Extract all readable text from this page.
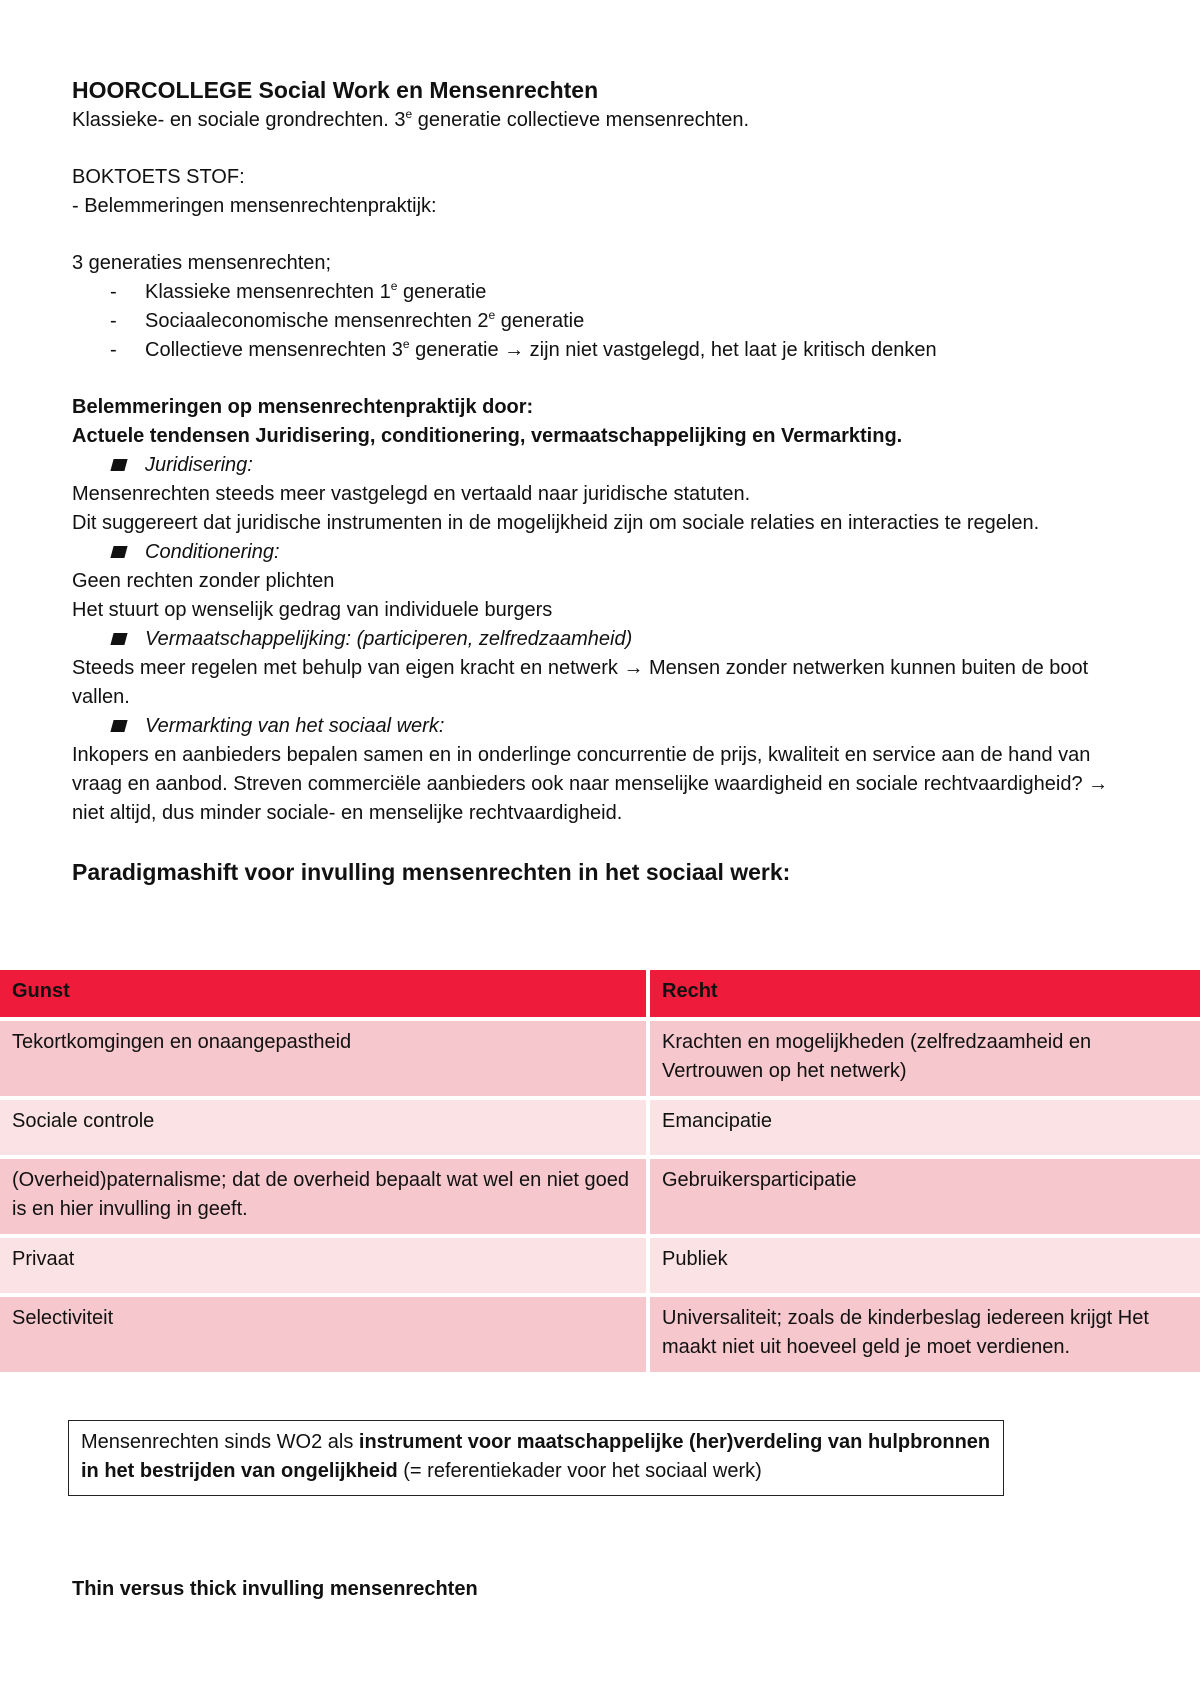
HOORCOLLEGE Social Work en Mensenrechten
Klassieke- en sociale grondrechten. 3e generatie collectieve mensenrechten.
BOKTOETS STOF:
- Belemmeringen mensenrechtenpraktijk:
3 generaties mensenrechten;
- Klassieke mensenrechten 1e generatie
- Sociaaleconomische mensenrechten 2e generatie
- Collectieve mensenrechten 3e generatie → zijn niet vastgelegd, het laat je kritisch denken
Belemmeringen op mensenrechtenpraktijk door:
Actuele tendensen Juridisering, conditionering, vermaatschappelijking en Vermarkting.
Juridisering:
Mensenrechten steeds meer vastgelegd en vertaald naar juridische statuten.
Dit suggereert dat juridische instrumenten in de mogelijkheid zijn om sociale relaties en interacties te regelen.
Conditionering:
Geen rechten zonder plichten
Het stuurt op wenselijk gedrag van individuele burgers
Vermaatschappelijking: (participeren, zelfredzaamheid)
Steeds meer regelen met behulp van eigen kracht en netwerk → Mensen zonder netwerken kunnen buiten de boot vallen.
Vermarkting van het sociaal werk:
Inkopers en aanbieders bepalen samen en in onderlinge concurrentie de prijs, kwaliteit en service aan de hand van vraag en aanbod. Streven commerciële aanbieders ook naar menselijke waardigheid en sociale rechtvaardigheid? → niet altijd, dus minder sociale- en menselijke rechtvaardigheid.
Paradigmashift voor invulling mensenrechten in het sociaal werk:
Gunst	Recht
Tekortkomgingen en onaangepastheid	Krachten en mogelijkheden (zelfredzaamheid en Vertrouwen op het netwerk)
Sociale controle	Emancipatie
(Overheid)paternalisme; dat de overheid bepaalt wat wel en niet goed is en hier invulling in geeft.	Gebruikersparticipatie
Privaat	Publiek
Selectiviteit	Universaliteit; zoals de kinderbeslag iedereen krijgt Het maakt niet uit hoeveel geld je moet verdienen.
Mensenrechten sinds WO2 als instrument voor maatschappelijke (her)verdeling van hulpbronnen in het bestrijden van ongelijkheid (= referentiekader voor het sociaal werk)
Thin versus thick invulling mensenrechten
